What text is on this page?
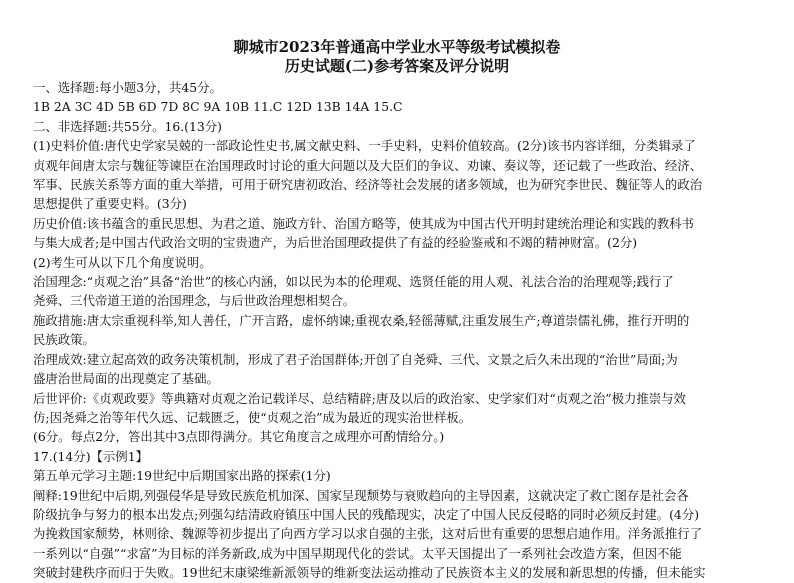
聊城市2023年普通高中学业水平等级考试模拟卷
历史试题(二)参考答案及评分说明
一、选择题:每小题3分，共45分。
1B 2A 3C 4D 5B 6D 7D 8C 9A 10B 11.C 12D 13B 14A 15.C
二、非选择题:共55分。16.(13分)
(1)史料价值:唐代史学家吴兢的一部政论性史书,属文献史料、一手史料，史料价值较高。(2分)该书内容详细，分类辑录了
贞观年间唐太宗与魏征等谏臣在治国理政时讨论的重大问题以及大臣们的争议、劝谏、奏议等，还记载了一些政治、经济、
军事、民族关系等方面的重大举措，可用于研究唐初政治、经济等社会发展的诸多领域，也为研究李世民、魏征等人的政治
思想提供了重要史料。(3分)
历史价值:该书蕴含的重民思想、为君之道、施政方针、治国方略等，使其成为中国古代开明封建统治理论和实践的教科书
与集大成者;是中国古代政治文明的宝贵遗产，为后世治国理政提供了有益的经验鉴戒和不竭的精神财富。(2分)
(2)考生可从以下几个角度说明。
治国理念:“贞观之治”具备“治世”的核心内涵，如以民为本的伦理观、选贤任能的用人观、礼法合治的治理观等;践行了
尧舜、三代帝道王道的治国理念，与后世政治理想相契合。
施政措施:唐太宗重视科举,知人善任，广开言路，虚怀纳谏;重视农桑,轻徭薄赋,注重发展生产;尊道崇儒礼佛，推行开明的
民族政策。
治理成效:建立起高效的政务决策机制，形成了君子治国群体;开创了自尧舜、三代、文景之后久未出现的“治世”局面;为
盛唐治世局面的出现奠定了基础。
后世评价:《贞观政要》等典籍对贞观之治记载详尽、总结精辟;唐及以后的政治家、史学家们对“贞观之治”极力推崇与效
仿;因尧舜之治等年代久远、记载匮乏，使“贞观之治”成为最近的现实治世样板。
(6分。每点2分，答出其中3点即得满分。其它角度言之成理亦可酌情给分。)
17.(14分)【示例1】
第五单元学习主题:19世纪中后期国家出路的探索(1分)
阐释:19世纪中后期,列强侵华是导致民族危机加深、国家呈现颓势与衰败趋向的主导因素，这就决定了救亡图存是社会各
阶级抗争与努力的根本出发点;列强勾结清政府镇压中国人民的残酷现实，决定了中国人民反侵略的同时必须反封建。(4分)
为挽救国家颓势，林则徐、魏源等初步提出了向西方学习以求自强的主张，这对后世有重要的思想启迪作用。洋务派推行了
一系列以“自强”“求富”为目标的洋务新政,成为中国早期现代化的尝试。太平天国提出了一系列社会改造方案，但因不能
突破封建秩序而归于失败。19世纪末康梁维新派领导的维新变法运动推动了民族资本主义的发展和新思想的传播，但未能实
